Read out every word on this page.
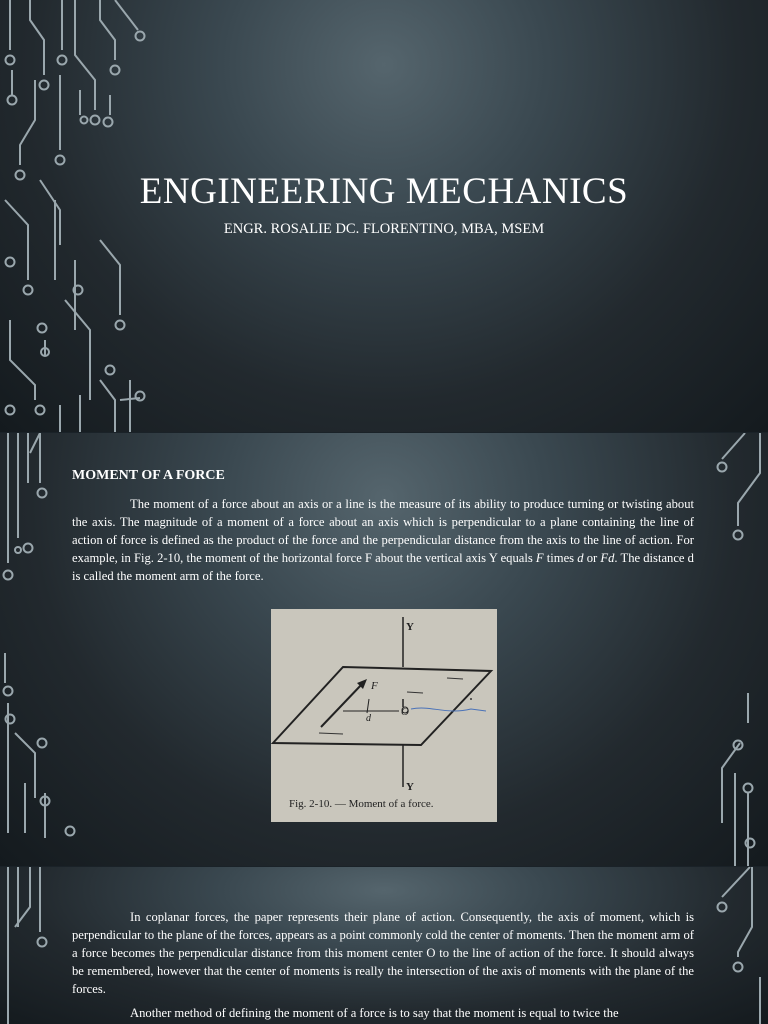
ENGINEERING MECHANICS
ENGR. ROSALIE DC. FLORENTINO, MBA, MSEM
MOMENT OF A FORCE

The moment of a force about an axis or a line is the measure of its ability to produce turning or twisting about the axis. The magnitude of a moment of a force about an axis which is perpendicular to a plane containing the line of action of force is defined as the product of the force and the perpendicular distance from the axis to the line of action. For example, in Fig. 2-10, the moment of the horizontal force F about the vertical axis Y equals F times d or Fd. The distance d is called the moment arm of the force.

Y
Y
F
d
O
Fig. 2-10. — Moment of a force.

In coplanar forces, the paper represents their plane of action. Consequently, the axis of moment, which is perpendicular to the plane of the forces, appears as a point commonly cold the center of moments. Then the moment arm of a force becomes the perpendicular distance from this moment center O to the line of action of the force. It should always be remembered, however that the center of moments is really the intersection of the axis of moments with the plane of the forces.

Another method of defining the moment of a force is to say that the moment is equal to twice the
